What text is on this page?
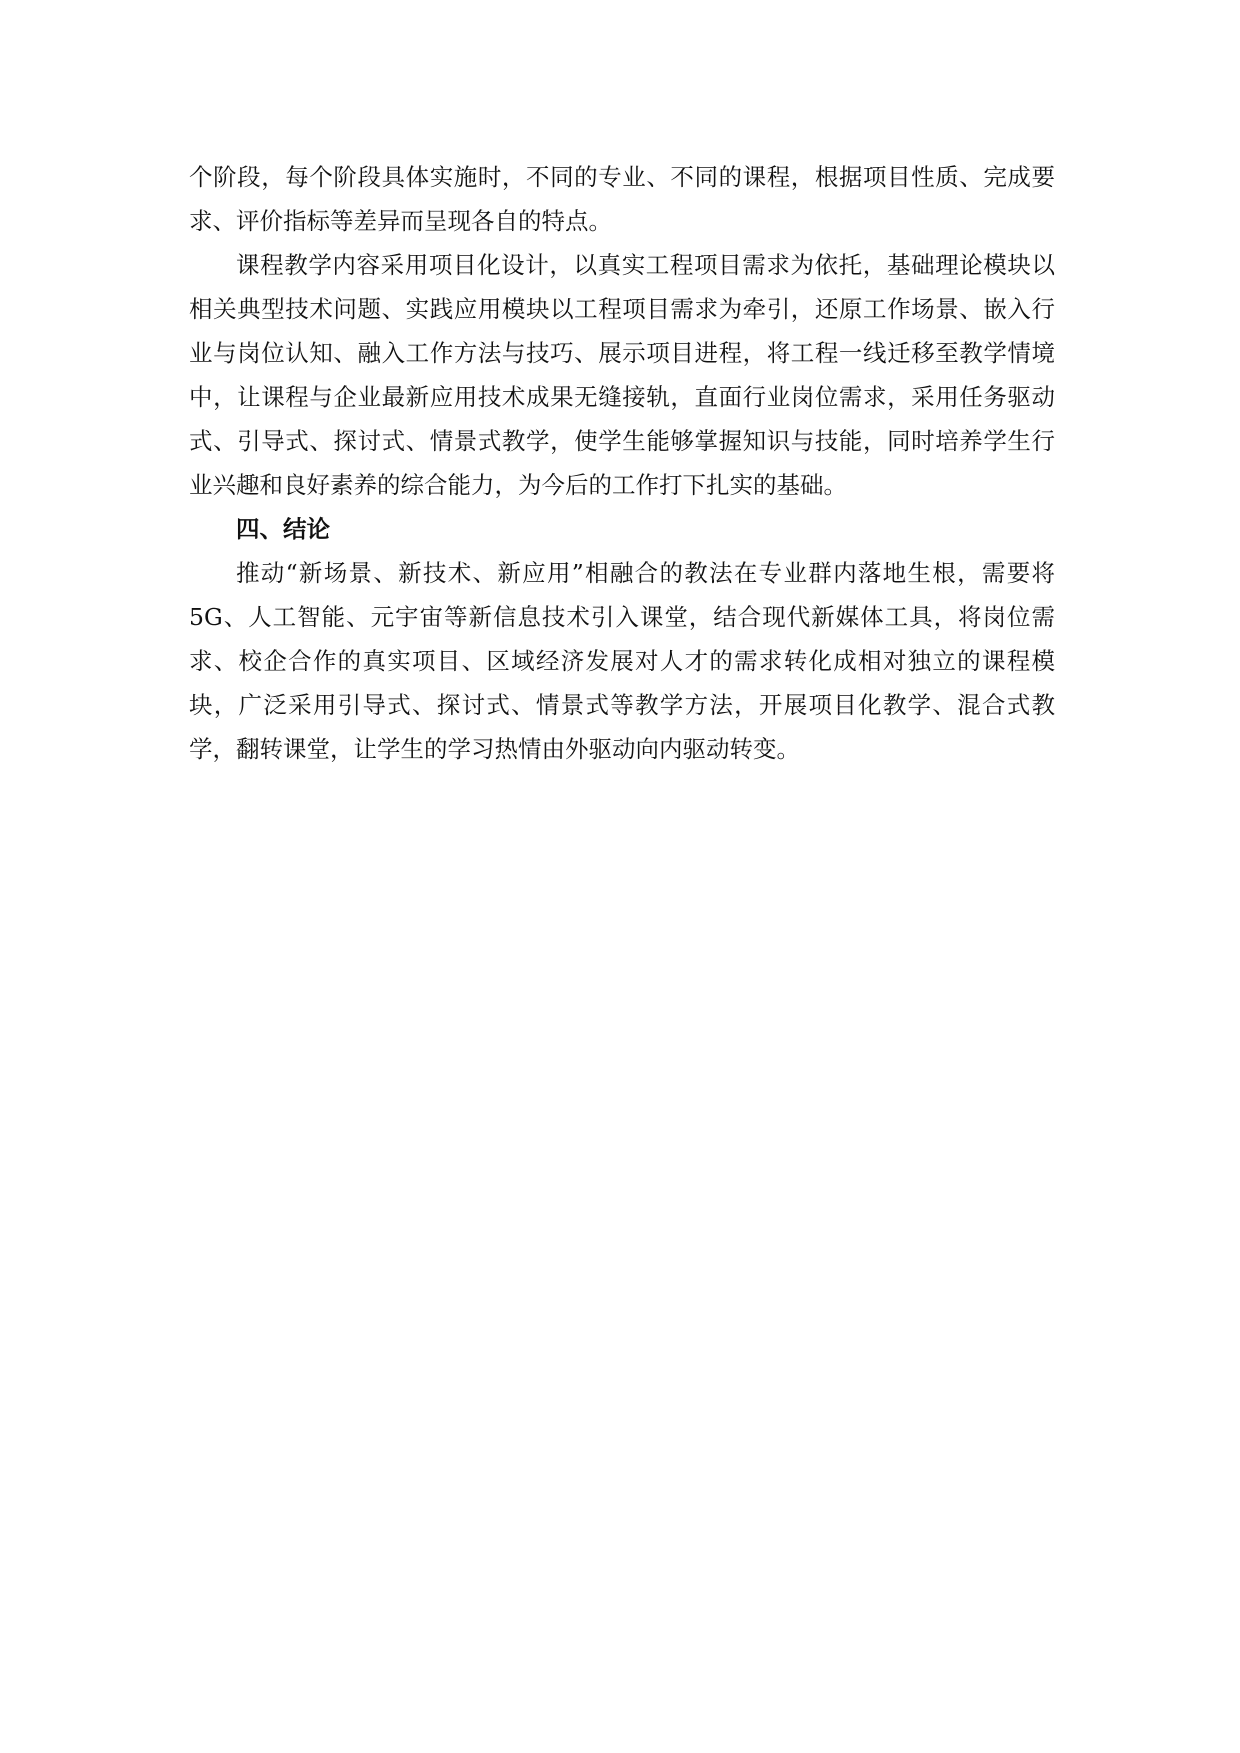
个阶段，每个阶段具体实施时，不同的专业、不同的课程，根据项目性质、完成要求、评价指标等差异而呈现各自的特点。

课程教学内容采用项目化设计，以真实工程项目需求为依托，基础理论模块以相关典型技术问题、实践应用模块以工程项目需求为牵引，还原工作场景、嵌入行业与岗位认知、融入工作方法与技巧、展示项目进程，将工程一线迁移至教学情境中，让课程与企业最新应用技术成果无缝接轨，直面行业岗位需求，采用任务驱动式、引导式、探讨式、情景式教学，使学生能够掌握知识与技能，同时培养学生行业兴趣和良好素养的综合能力，为今后的工作打下扎实的基础。

四、结论

推动“新场景、新技术、新应用”相融合的教法在专业群内落地生根，需要将 5G、人工智能、元宇宙等新信息技术引入课堂，结合现代新媒体工具，将岗位需求、校企合作的真实项目、区域经济发展对人才的需求转化成相对独立的课程模块，广泛采用引导式、探讨式、情景式等教学方法，开展项目化教学、混合式教学，翻转课堂，让学生的学习热情由外驱动向内驱动转变。
